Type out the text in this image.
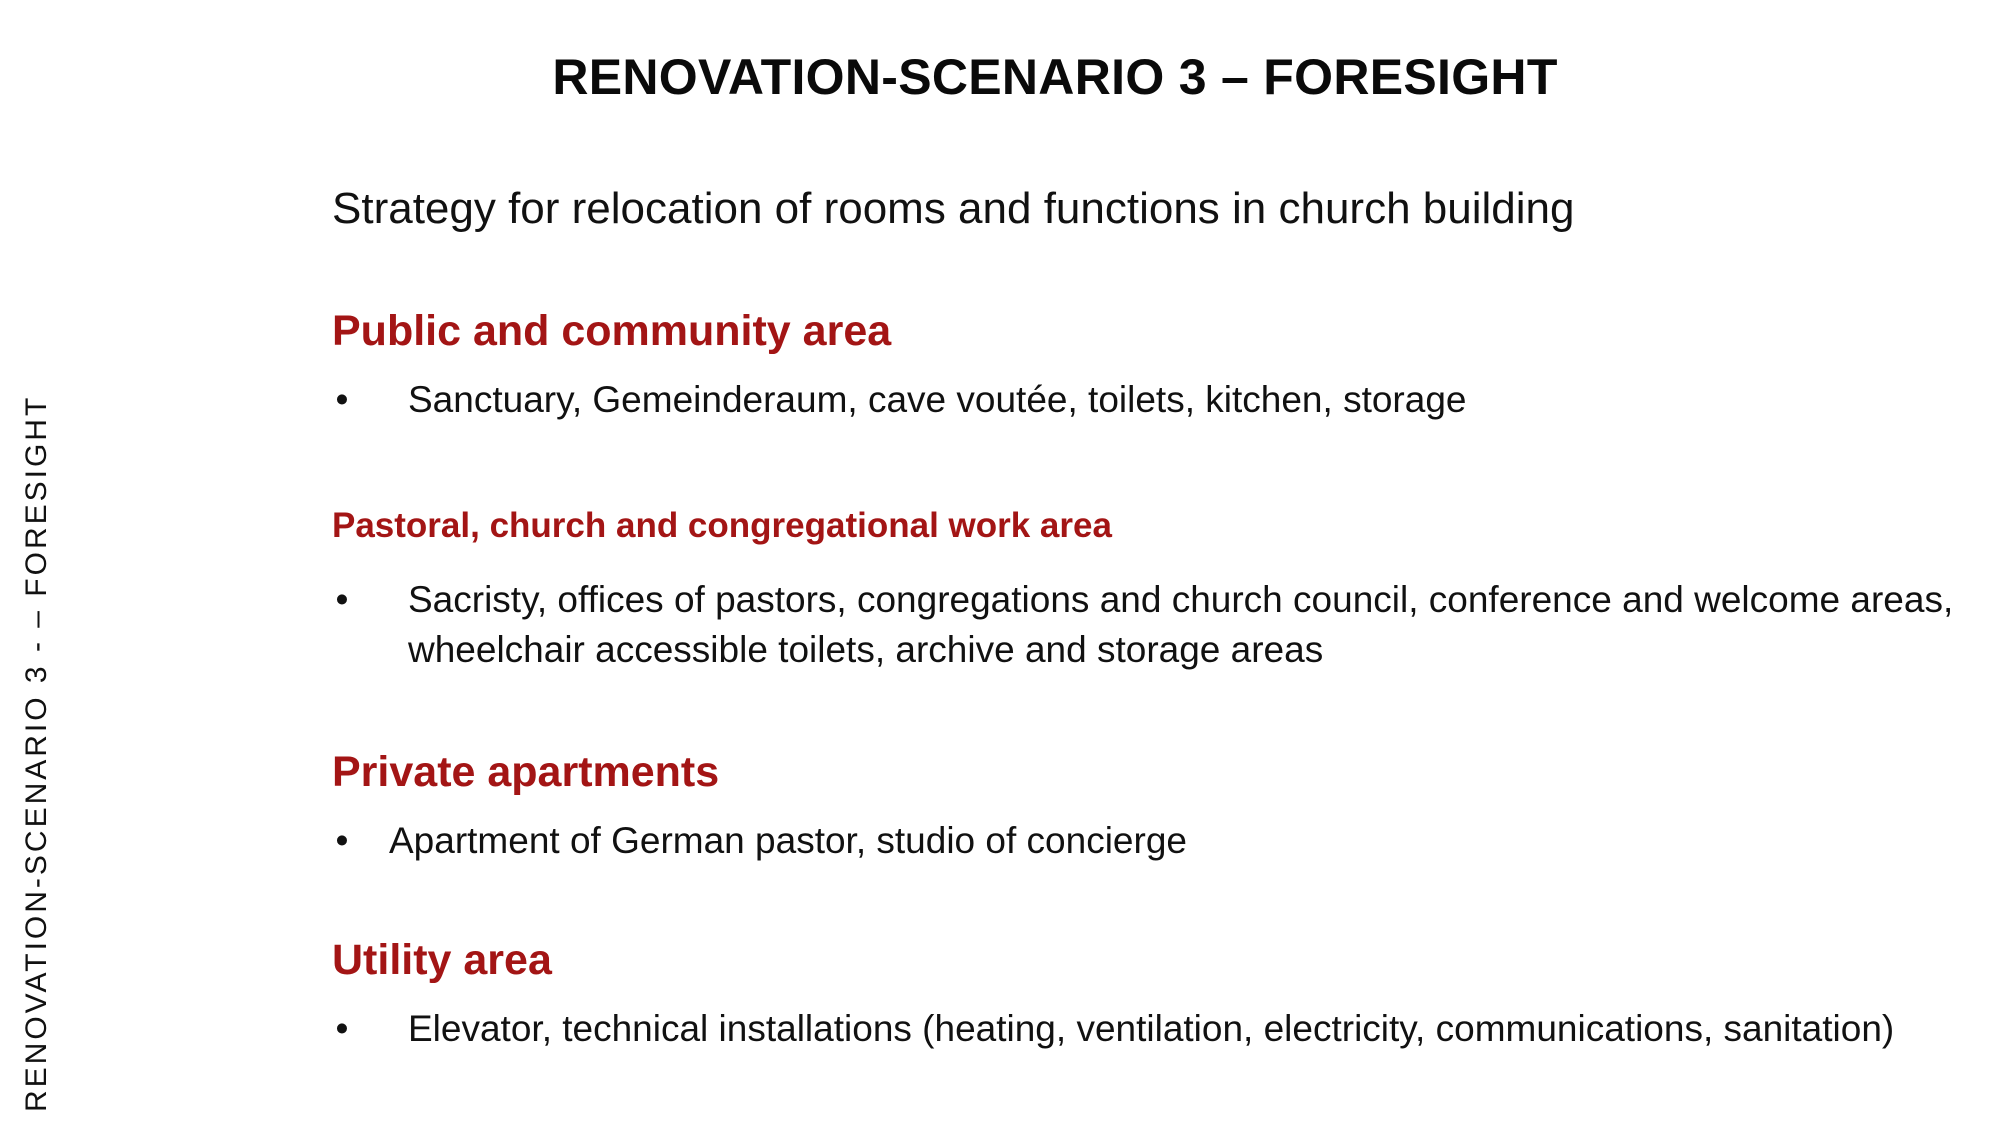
RENOVATION-SCENARIO 3 – FORESIGHT
RENOVATION-SCENARIO 3 - – FORESIGHT
Strategy for relocation of rooms and functions in church building
Public and community area
• Sanctuary, Gemeinderaum, cave voutée, toilets, kitchen, storage
Pastoral, church and congregational work area
• Sacristy, offices of pastors, congregations and church council, conference and welcome areas, wheelchair accessible toilets, archive and storage areas
Private apartments
• Apartment of German pastor, studio of concierge
Utility area
• Elevator, technical installations (heating, ventilation, electricity, communications, sanitation)
